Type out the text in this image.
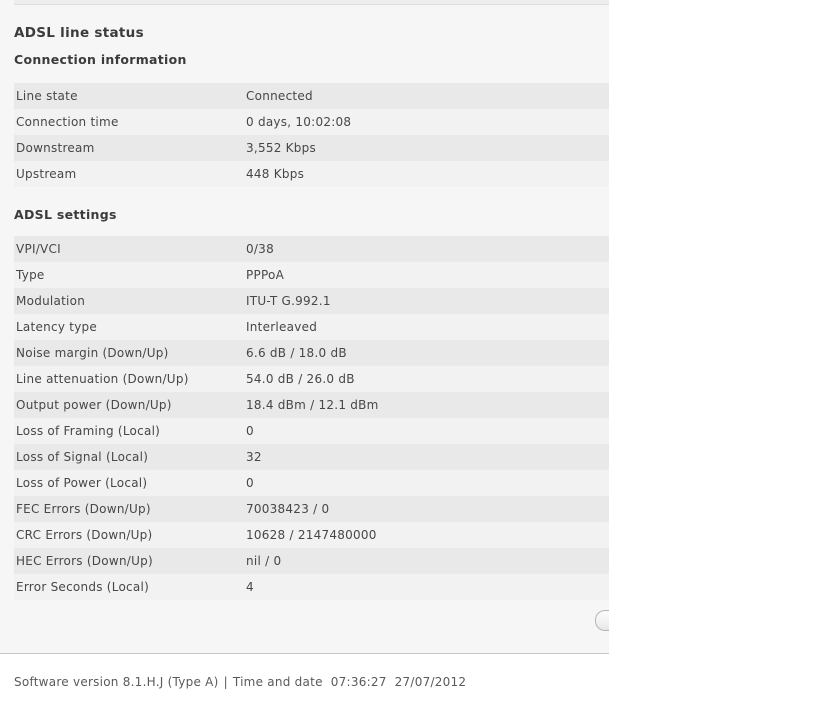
ADSL line status
Connection information
Line state	Connected
Connection time	0 days, 10:02:08
Downstream	3,552 Kbps
Upstream	448 Kbps
ADSL settings
VPI/VCI	0/38
Type	PPPoA
Modulation	ITU-T G.992.1
Latency type	Interleaved
Noise margin (Down/Up)	6.6 dB / 18.0 dB
Line attenuation (Down/Up)	54.0 dB / 26.0 dB
Output power (Down/Up)	18.4 dBm / 12.1 dBm
Loss of Framing (Local)	0
Loss of Signal (Local)	32
Loss of Power (Local)	0
FEC Errors (Down/Up)	70038423 / 0
CRC Errors (Down/Up)	10628 / 2147480000
HEC Errors (Down/Up)	nil / 0
Error Seconds (Local)	4
Software version 8.1.H.J (Type A) | Time and date 07:36:27 27/07/2012
